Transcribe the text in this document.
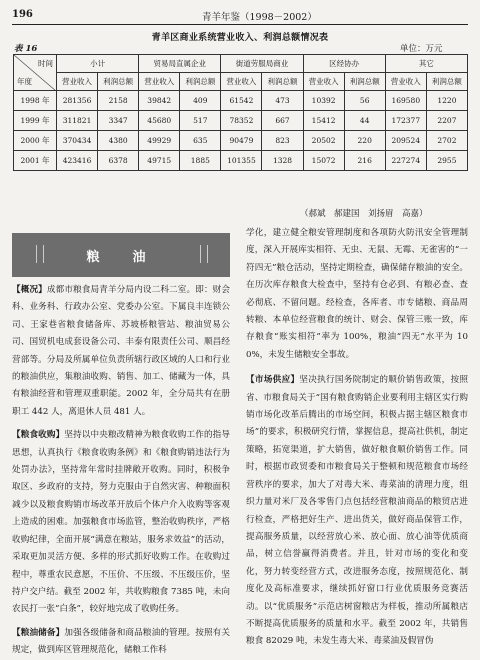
196	青羊年鉴（1998－2002）
青羊区商业系统营业收入、利润总额情况表
表 16	单位：万元
时间
年度	小计		贸易局直属企业		街道劳服局商业		区经协办		其它	
	营业收入	利润总额	营业收入	利润总额	营业收入	利润总额	营业收入	利润总额	营业收入	利润总额
1998 年	281356	2158	39842	409	61542	473	10392	56	169580	1220
1999 年	311821	3347	45680	517	78352	667	15412	44	172377	2207
2000 年	370434	4380	49929	635	90479	823	20502	220	209524	2702
2001 年	423416	6378	49715	1885	101355	1328	15072	216	227274	2955
（郝斌　郝建国　刘扬眉　高嘉）
粮　油
【概况】成都市粮食局青羊分局内设二科二室。即：财会科、业务科、行政办公室、党委办公室。下属良丰连锁公司、王家巷省粮食储备库、苏坡桥粮管站、粮油贸易公司、国贸机电成套设备公司、丰泰有限责任公司、顺昌经营部等。分局及所属单位负责所辖行政区域的人口和行业的粮油供应，集粮油收购、销售、加工、储藏为一体，具有粮油经营和管理双重职能。2002 年，全分局共有在册职工 442 人，离退休人员 481 人。
【粮食收购】坚持以中央粮改精神为粮食收购工作的指导思想，认真执行《粮食收购条例》和《粮食购销违法行为处罚办法》，坚持常年常时挂牌敞开收购。同时，积极争取区、乡政府的支持，努力克服由于自然灾害、种粮面积减少以及粮食购销市场改革开放后个体户介入收购等客观上造成的困难。加强粮食市场监管，整治收购秩序，严格收购纪律，全面开展“满意在粮站，服务求效益”的活动，采取更加灵活方便、多样的形式抓好收购工作。在收购过程中，尊重农民意愿，不压价、不压级、不压级压价，坚持户交户结。截至 2002 年，共收购粮食 7385 吨，未向农民打一张“白条”，较好地完成了收购任务。
【粮油储备】加强各级储备和商品粮油的管理。按照有关规定，做到库区管理规范化，储粮工作科
学化，建立健全粮安管理制度和各项防火防汛安全管理制度，深入开展库实相符、无虫、无鼠、无霉、无雀害的“一符四无”粮仓活动，坚持定期检查，确保储存粮油的安全。在历次库存粮食大检查中，坚持有仓必到、有粮必查、查必彻底、不留问题。经检查，各库者、市专储粮、商品周转粮、本单位经营粮食的统计、财会、保管三账一致，库存粮食“账实相符”率为 100%，粮油“四无”水平为 100%，未发生储粮安全事故。
【市场供应】坚决执行国务院制定的顺价销售政策，按照省、市粮食局关于“国有粮食购销企业要利用主辖区实行购销市场化改革后腾出的市场空间，积极占据主辖区粮食市场”的要求，积极研究行情，掌握信息，提高社供机，制定策略，拓宽渠道，扩大销售，做好粮食顺价销售工作。同时，根据市政贸委和市粮食局关于整顿和规范粮食市场经营秩序的要求，加大了对毒大米、毒菜油的清理力度，组织力量对米厂及各零售门点包括经营粮油商品的粮贸店进行检查，严格把好生产、进出货关，做好商品保管工作，提高服务质量，以经营放心米、放心面、放心油等优质商品，树立信誉赢得消费者。并且，针对市场的变化和变化，努力转变经营方式，改进服务态度，按照规范化、制度化及高标准要求，继续抓好窗口行业优质服务竞赛活动。以“优质服务”示范店树窗粮店为样板，推动所属粮店不断提高优质服务的质量和水平。截至 2002 年，共销售粮食 82029 吨，未发生毒大米、毒菜油及假冒伪
